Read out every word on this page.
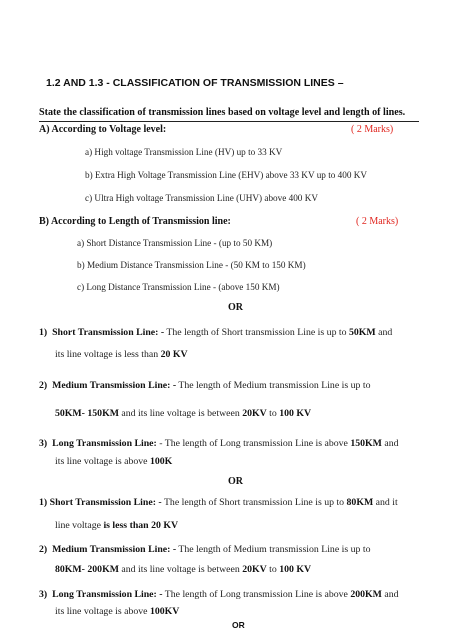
1.2 AND 1.3 - CLASSIFICATION OF TRANSMISSION LINES –
State the classification of transmission lines based on voltage level and length of lines.
A) According to Voltage level:	( 2 Marks)
a) High voltage Transmission Line (HV) up to 33 KV
b) Extra High Voltage Transmission Line (EHV) above 33 KV up to 400 KV
c) Ultra High voltage Transmission Line (UHV) above 400 KV
B) According to Length of Transmission line:	( 2 Marks)
a) Short Distance Transmission Line - (up to 50 KM)
b) Medium Distance Transmission Line - (50 KM to 150 KM)
c) Long Distance Transmission Line - (above 150 KM)
OR
1) Short Transmission Line: - The length of Short transmission Line is up to 50KM and
its line voltage is less than 20 KV
2) Medium Transmission Line: - The length of Medium transmission Line is up to
50KM- 150KM and its line voltage is between 20KV to 100 KV
3) Long Transmission Line: - The length of Long transmission Line is above 150KM and
its line voltage is above 100K
OR
1) Short Transmission Line: - The length of Short transmission Line is up to 80KM and it
line voltage is less than 20 KV
2) Medium Transmission Line: - The length of Medium transmission Line is up to
80KM- 200KM and its line voltage is between 20KV to 100 KV
3) Long Transmission Line: - The length of Long transmission Line is above 200KM and
its line voltage is above 100KV
OR
